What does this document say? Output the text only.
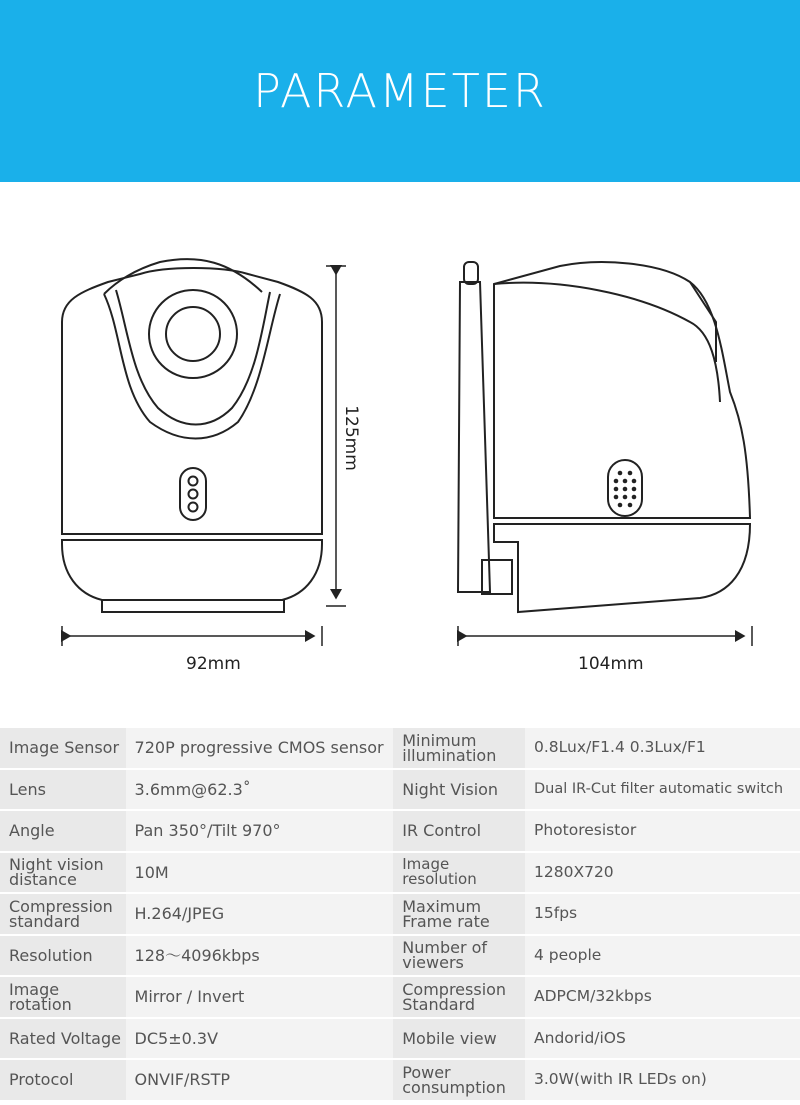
PARAMETER
125mm
92mm	104mm
Image Sensor	720P progressive CMOS sensor	Minimum illumination	0.8Lux/F1.4 0.3Lux/F1
Lens	3.6mm@62.3˚	Night Vision	Dual IR-Cut filter automatic switch
Angle	Pan 350°/Tilt 970°	IR Control	Photoresistor
Night vision distance	10M	Image resolution	1280X720
Compression standard	H.264/JPEG	Maximum Frame rate	15fps
Resolution	128～4096kbps	Number of viewers	4 people
Image rotation	Mirror / Invert	Compression Standard	ADPCM/32kbps
Rated Voltage	DC5±0.3V	Mobile view	Andorid/iOS
Protocol	ONVIF/RSTP	Power consumption	3.0W(with IR LEDs on)
